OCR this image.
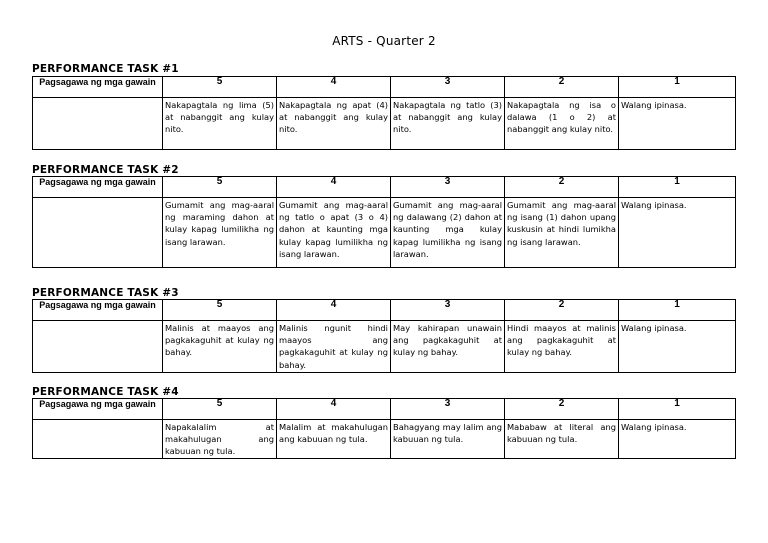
ARTS - Quarter 2
PERFORMANCE TASK #1
Pagsagawa ng mga gawain	5	4	3	2	1
	Nakapagtala ng lima (5) at nabanggit ang kulay nito.	Nakapagtala ng apat (4) at nabanggit ang kulay nito.	Nakapagtala ng tatlo (3) at nabanggit ang kulay nito.	Nakapagtala ng isa o dalawa (1 o 2) at nabanggit ang kulay nito.	Walang ipinasa.
PERFORMANCE TASK #2
Pagsagawa ng mga gawain	5	4	3	2	1
	Gumamit ang mag-aaral ng maraming dahon at kulay kapag lumilikha ng isang larawan.	Gumamit ang mag-aaral ng tatlo o apat (3 o 4) dahon at kaunting mga kulay kapag lumilikha ng isang larawan.	Gumamit ang mag-aaral ng dalawang (2) dahon at kaunting mga kulay kapag lumilikha ng isang larawan.	Gumamit ang mag-aaral ng isang (1) dahon upang kuskusin at hindi lumikha ng isang larawan.	Walang ipinasa.
PERFORMANCE TASK #3
Pagsagawa ng mga gawain	5	4	3	2	1
	Malinis at maayos ang pagkakaguhit at kulay ng bahay.	Malinis ngunit hindi maayos ang pagkakaguhit at kulay ng bahay.	May kahirapan unawain ang pagkakaguhit at kulay ng bahay.	Hindi maayos at malinis ang pagkakaguhit at kulay ng bahay.	Walang ipinasa.
PERFORMANCE TASK #4
Pagsagawa ng mga gawain	5	4	3	2	1
	Napakalalim at makahulugan ang kabuuan ng tula.	Malalim at makahulugan ang kabuuan ng tula.	Bahagyang may lalim ang kabuuan ng tula.	Mababaw at literal ang kabuuan ng tula.	Walang ipinasa.
